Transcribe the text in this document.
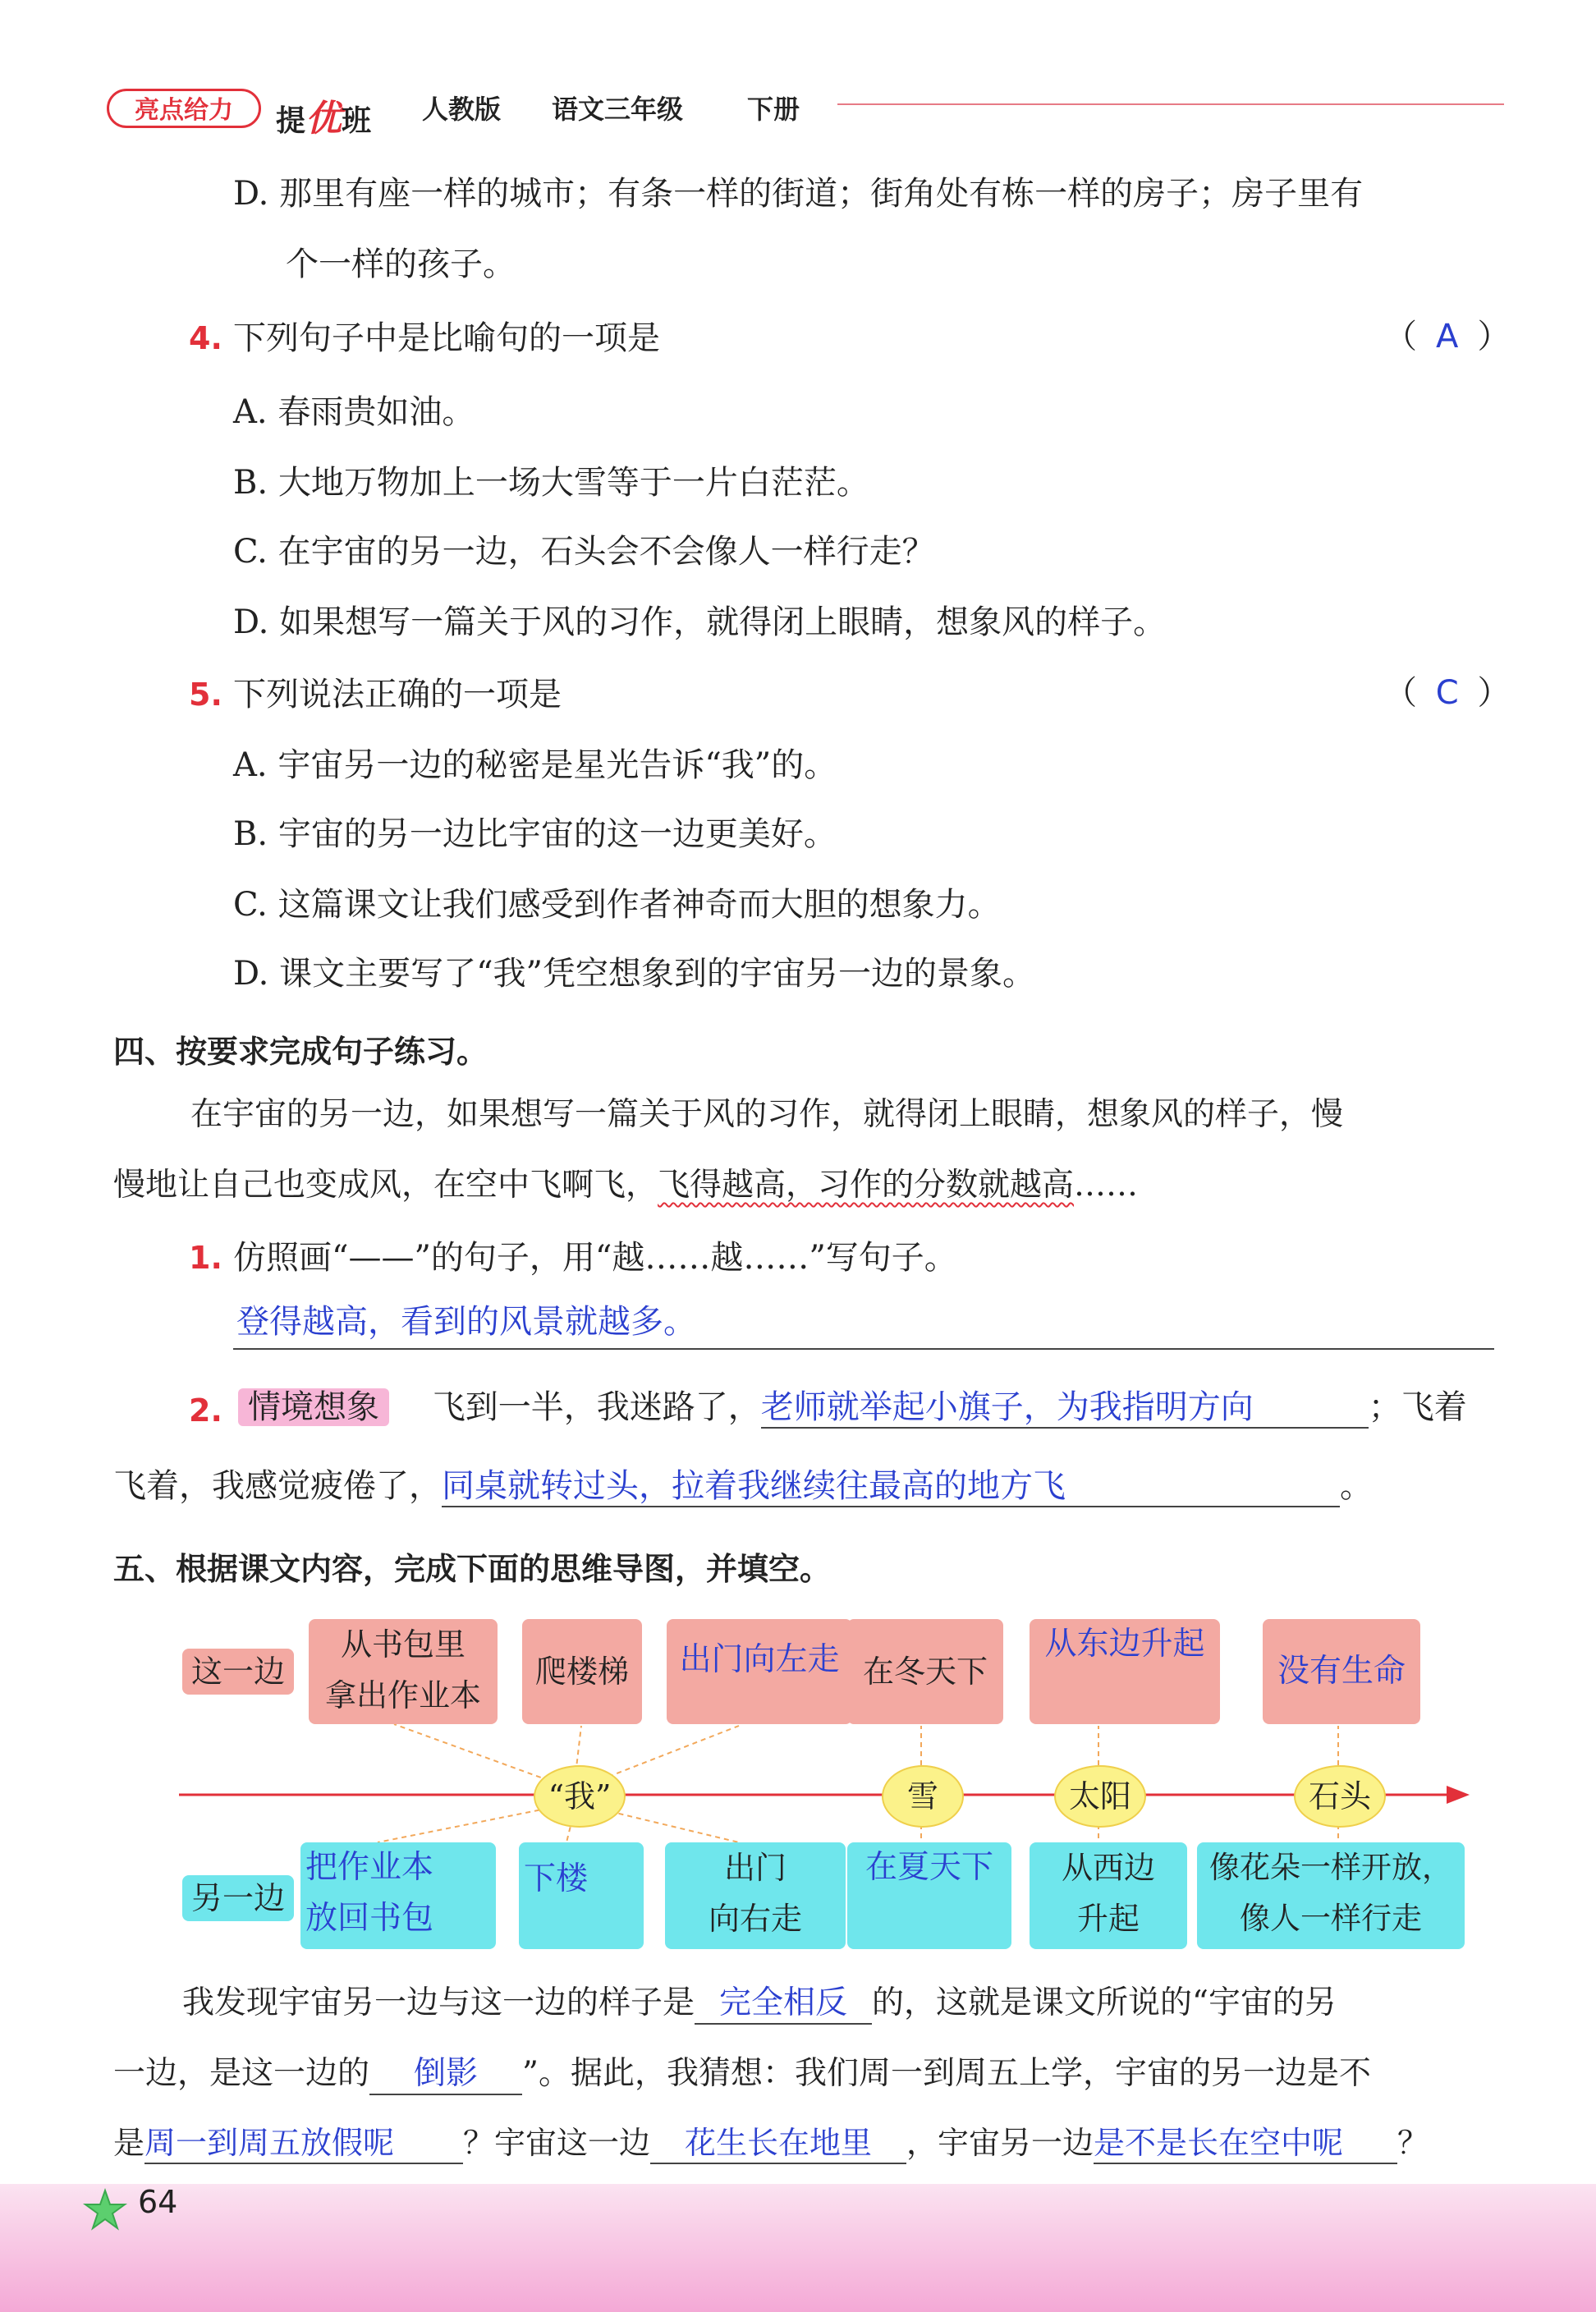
亮点给力	提优班 人教版 语文三年级 下册
D. 那里有座一样的城市；有条一样的街道；街角处有栋一样的房子；房子里有
个一样的孩子。
4. 下列句子中是比喻句的一项是	（ A ）
A. 春雨贵如油。
B. 大地万物加上一场大雪等于一片白茫茫。
C. 在宇宙的另一边，石头会不会像人一样行走？
D. 如果想写一篇关于风的习作，就得闭上眼睛，想象风的样子。
5. 下列说法正确的一项是	（ C ）
A. 宇宙另一边的秘密是星光告诉“我”的。
B. 宇宙的另一边比宇宙的这一边更美好。
C. 这篇课文让我们感受到作者神奇而大胆的想象力。
D. 课文主要写了“我”凭空想象到的宇宙另一边的景象。
四、按要求完成句子练习。
在宇宙的另一边，如果想写一篇关于风的习作，就得闭上眼睛，想象风的样子，慢
慢地让自己也变成风，在空中飞啊飞，飞得越高，习作的分数就越高……
1. 仿照画“——”的句子，用“越……越……”写句子。
登得越高，看到的风景就越多。
2. 情境想象 飞到一半，我迷路了，老师就举起小旗子，为我指明方向	；飞着
飞着，我感觉疲倦了，同桌就转过头，拉着我继续往最高的地方飞	。
五、根据课文内容，完成下面的思维导图，并填空。
这一边
另一边
从书包里
拿出作业本
爬楼梯	出门向左走 在冬天下
从东边升起
没有生命
“我”	雪	太阳	石头
把作业本
放回书包
下楼	出门
向右走
在夏天下	从西边
升起
像花朵一样开放，
像人一样行走
我发现宇宙另一边与这一边的样子是 完全相反 的，这就是课文所说的“宇宙的另
一边，是这一边的 倒影 ”。据此，我猜想：我们周一到周五上学，宇宙的另一边是不
是周一到周五放假呢 ？宇宙这一边 花生长在地里 ，宇宙另一边是不是长在空中呢 ？
64
